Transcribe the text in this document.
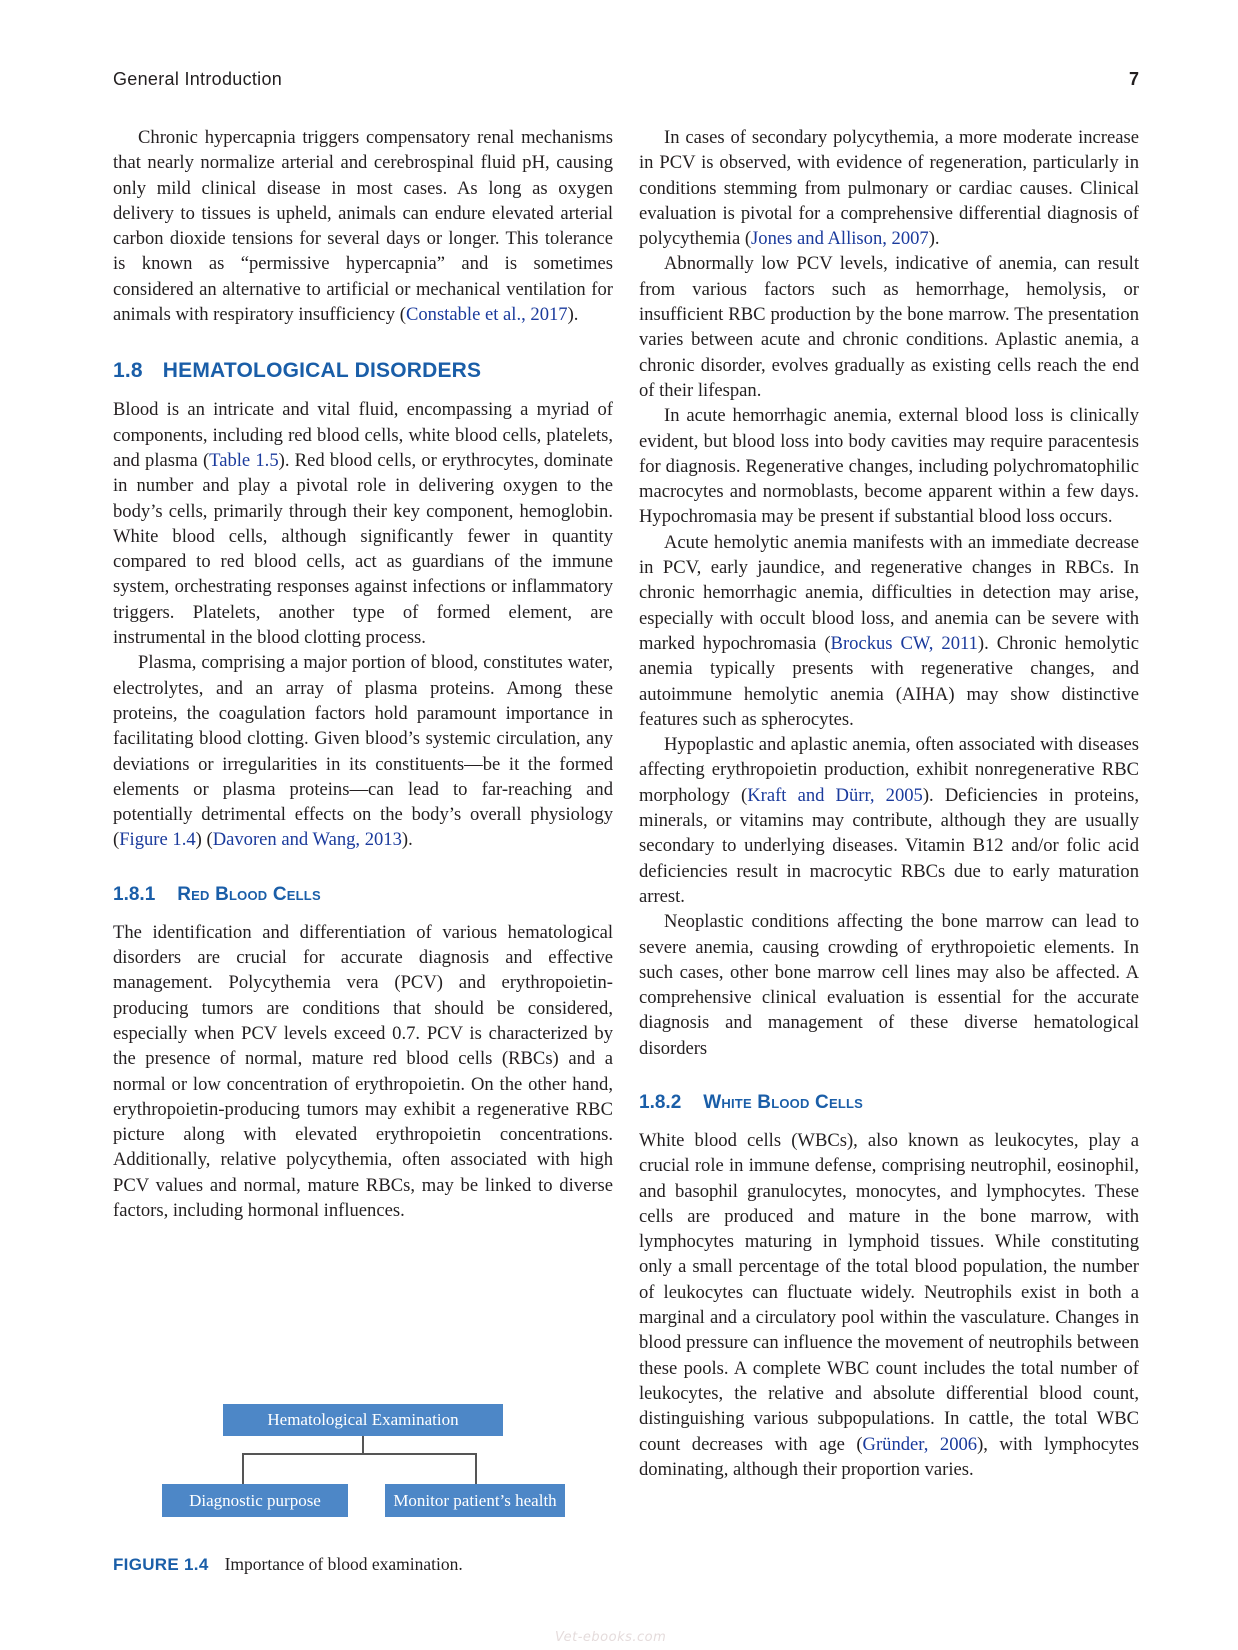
General Introduction	7

Chronic hypercapnia triggers compensatory renal mechanisms that nearly normalize arterial and cerebrospinal fluid pH, causing only mild clinical disease in most cases. As long as oxygen delivery to tissues is upheld, animals can endure elevated arterial carbon dioxide tensions for several days or longer. This tolerance is known as “permissive hypercapnia” and is sometimes considered an alternative to artificial or mechanical ventilation for animals with respiratory insufficiency (Constable et al., 2017).

1.8 HEMATOLOGICAL DISORDERS

Blood is an intricate and vital fluid, encompassing a myriad of components, including red blood cells, white blood cells, platelets, and plasma (Table 1.5). Red blood cells, or erythrocytes, dominate in number and play a pivotal role in delivering oxygen to the body’s cells, primarily through their key component, hemoglobin. White blood cells, although significantly fewer in quantity compared to red blood cells, act as guardians of the immune system, orchestrating responses against infections or inflammatory triggers. Platelets, another type of formed element, are instrumental in the blood clotting process.

Plasma, comprising a major portion of blood, constitutes water, electrolytes, and an array of plasma proteins. Among these proteins, the coagulation factors hold paramount importance in facilitating blood clotting. Given blood’s systemic circulation, any deviations or irregularities in its constituents—be it the formed elements or plasma proteins—can lead to far-reaching and potentially detrimental effects on the body’s overall physiology (Figure 1.4) (Davoren and Wang, 2013).

1.8.1 Red Blood Cells

The identification and differentiation of various hematological disorders are crucial for accurate diagnosis and effective management. Polycythemia vera (PCV) and erythropoietin-producing tumors are conditions that should be considered, especially when PCV levels exceed 0.7. PCV is characterized by the presence of normal, mature red blood cells (RBCs) and a normal or low concentration of erythropoietin. On the other hand, erythropoietin-producing tumors may exhibit a regenerative RBC picture along with elevated erythropoietin concentrations. Additionally, relative polycythemia, often associated with high PCV values and normal, mature RBCs, may be linked to diverse factors, including hormonal influences.

Hematological Examination
Diagnostic purpose	Monitor patient’s health
FIGURE 1.4 Importance of blood examination.

In cases of secondary polycythemia, a more moderate increase in PCV is observed, with evidence of regeneration, particularly in conditions stemming from pulmonary or cardiac causes. Clinical evaluation is pivotal for a comprehensive differential diagnosis of polycythemia (Jones and Allison, 2007).

Abnormally low PCV levels, indicative of anemia, can result from various factors such as hemorrhage, hemolysis, or insufficient RBC production by the bone marrow. The presentation varies between acute and chronic conditions. Aplastic anemia, a chronic disorder, evolves gradually as existing cells reach the end of their lifespan.

In acute hemorrhagic anemia, external blood loss is clinically evident, but blood loss into body cavities may require paracentesis for diagnosis. Regenerative changes, including polychromatophilic macrocytes and normoblasts, become apparent within a few days. Hypochromasia may be present if substantial blood loss occurs.

Acute hemolytic anemia manifests with an immediate decrease in PCV, early jaundice, and regenerative changes in RBCs. In chronic hemorrhagic anemia, difficulties in detection may arise, especially with occult blood loss, and anemia can be severe with marked hypochromasia (Brockus CW, 2011). Chronic hemolytic anemia typically presents with regenerative changes, and autoimmune hemolytic anemia (AIHA) may show distinctive features such as spherocytes.

Hypoplastic and aplastic anemia, often associated with diseases affecting erythropoietin production, exhibit nonregenerative RBC morphology (Kraft and Dürr, 2005). Deficiencies in proteins, minerals, or vitamins may contribute, although they are usually secondary to underlying diseases. Vitamin B12 and/or folic acid deficiencies result in macrocytic RBCs due to early maturation arrest.

Neoplastic conditions affecting the bone marrow can lead to severe anemia, causing crowding of erythropoietic elements. In such cases, other bone marrow cell lines may also be affected. A comprehensive clinical evaluation is essential for the accurate diagnosis and management of these diverse hematological disorders

1.8.2 White Blood Cells

White blood cells (WBCs), also known as leukocytes, play a crucial role in immune defense, comprising neutrophil, eosinophil, and basophil granulocytes, monocytes, and lymphocytes. These cells are produced and mature in the bone marrow, with lymphocytes maturing in lymphoid tissues. While constituting only a small percentage of the total blood population, the number of leukocytes can fluctuate widely. Neutrophils exist in both a marginal and a circulatory pool within the vasculature. Changes in blood pressure can influence the movement of neutrophils between these pools. A complete WBC count includes the total number of leukocytes, the relative and absolute differential blood count, distinguishing various subpopulations. In cattle, the total WBC count decreases with age (Gründer, 2006), with lymphocytes dominating, although their proportion varies.

Vet-ebooks.com
